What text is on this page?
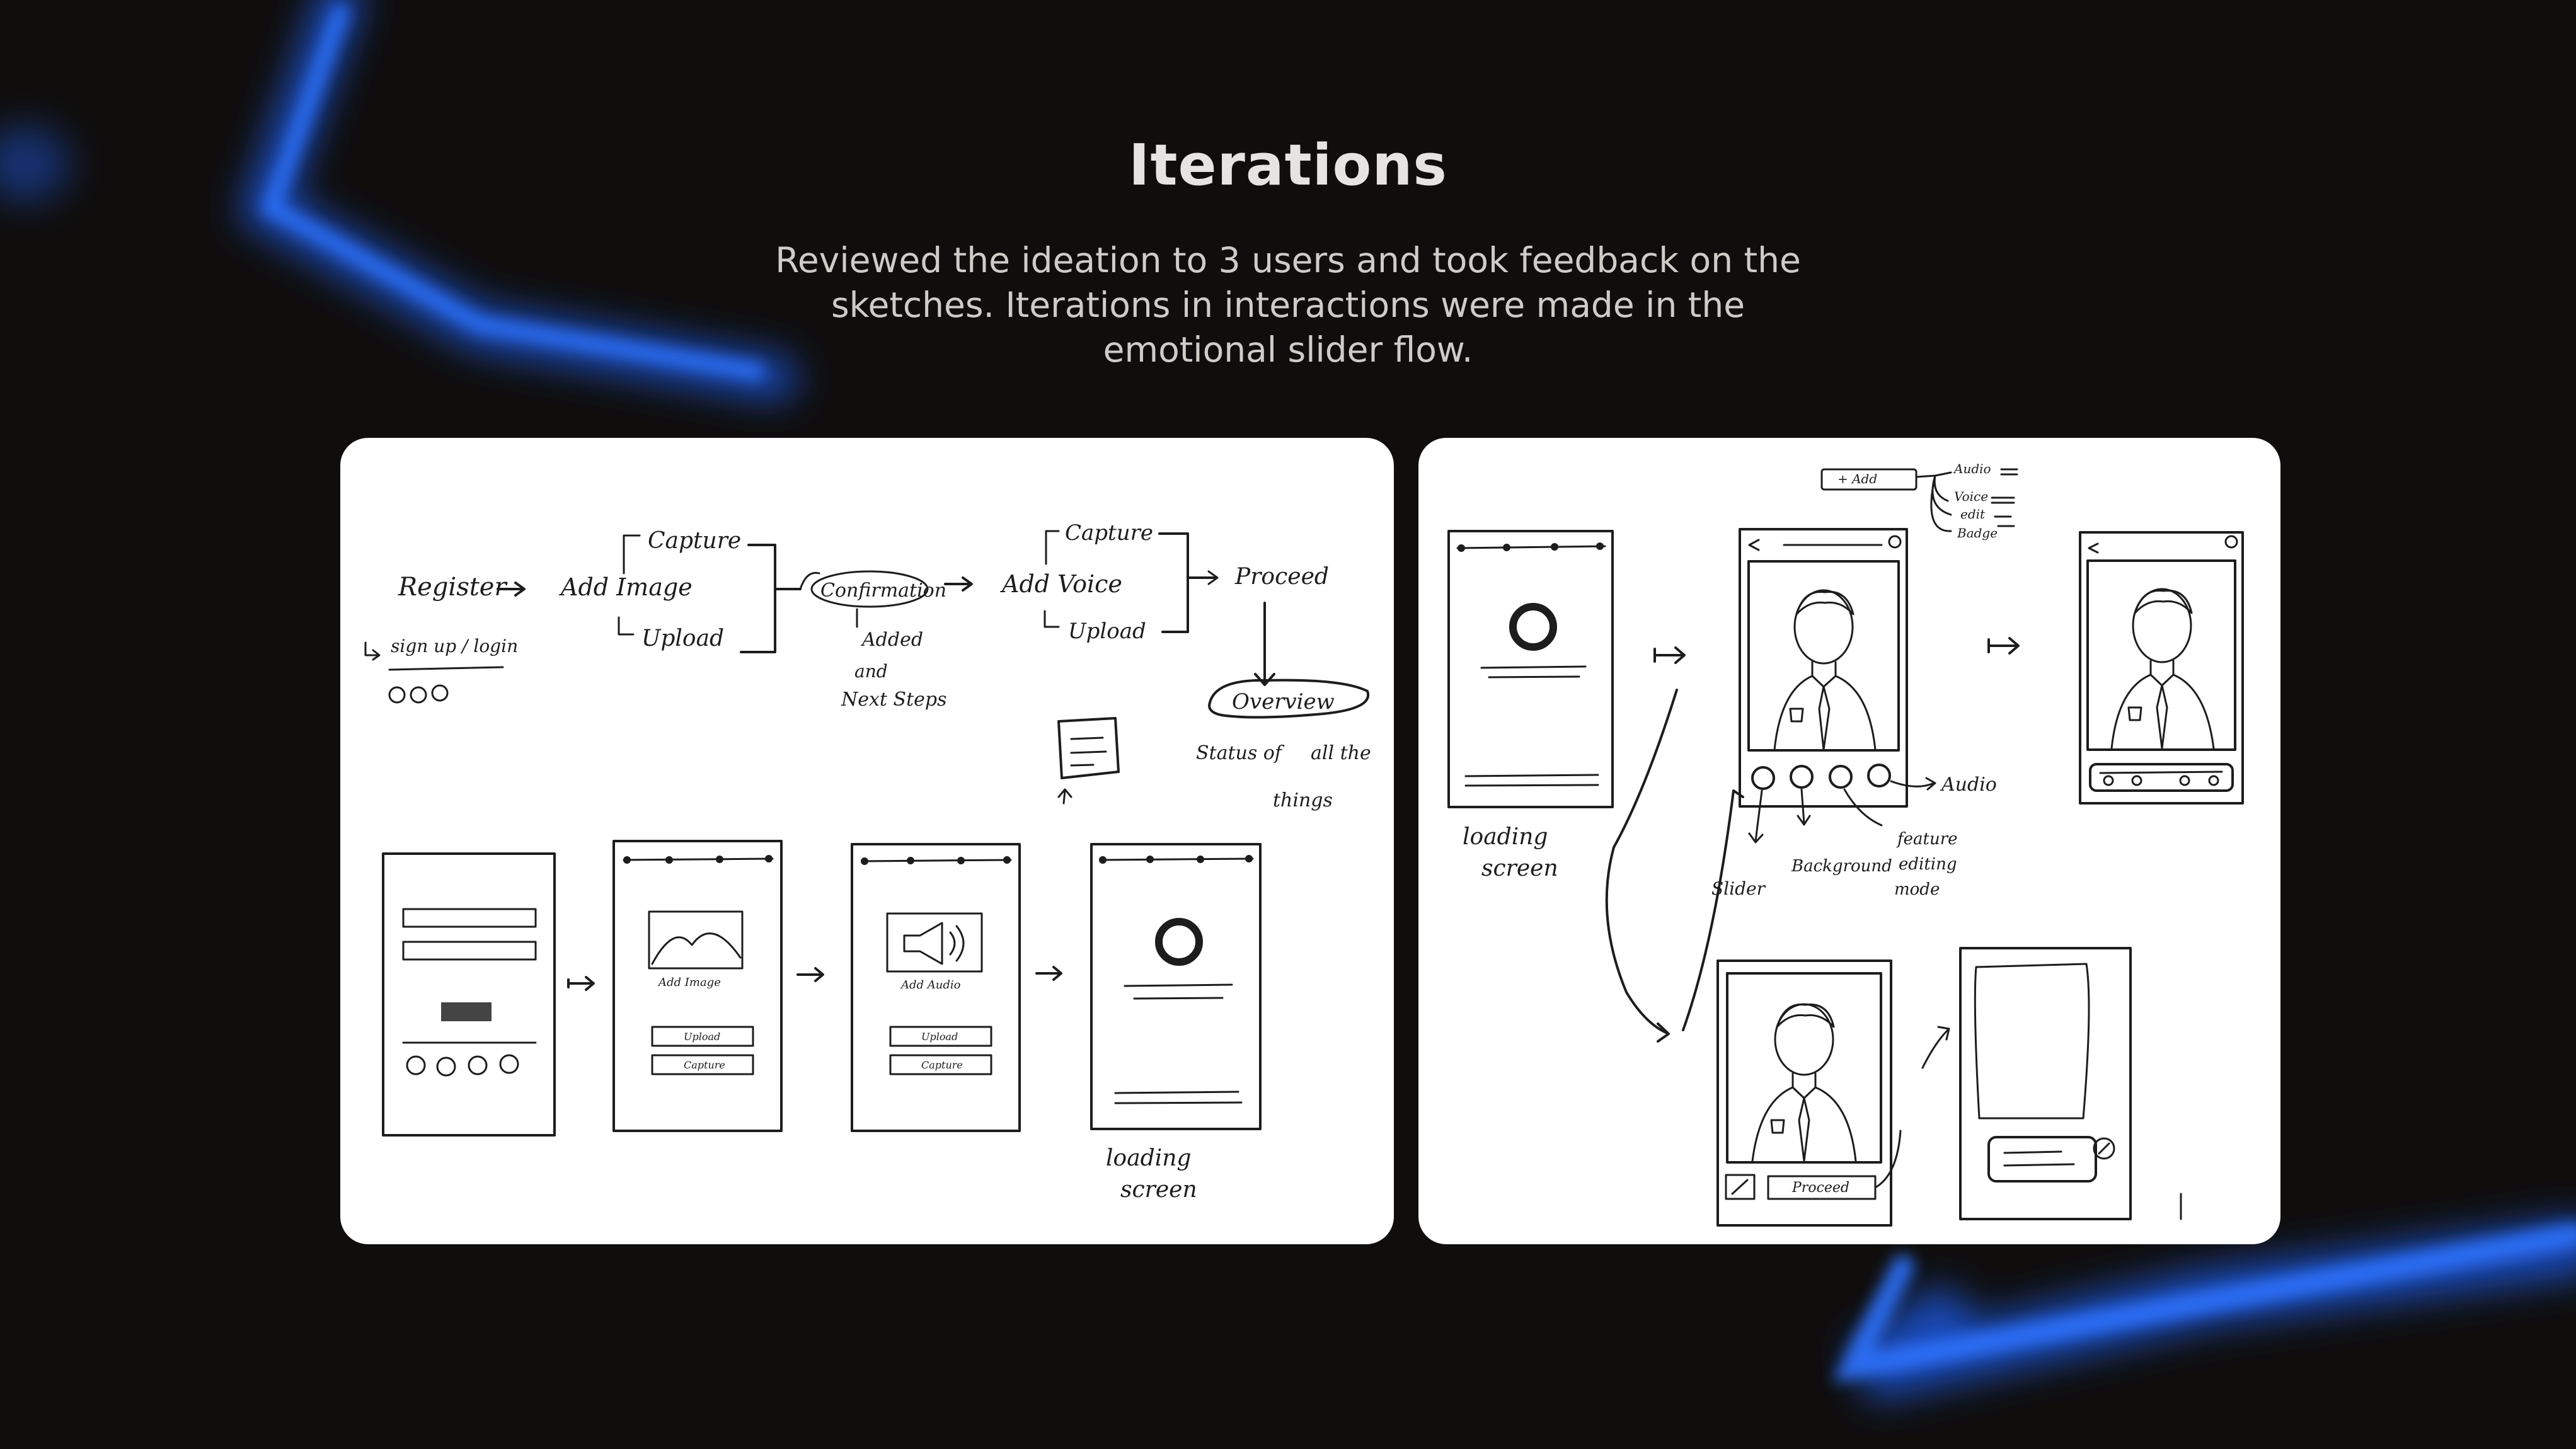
Iterations

Reviewed the ideation to 3 users and took feedback on the sketches. Iterations in interactions were made in the emotional slider flow.

Register
sign up / login
Add Image
Capture
Upload
Confirmation
Added
and
Next Steps
Add Voice
Capture
Upload
Proceed
Overview
Status of all the
things
Add Image
Upload
Capture
Add Audio
Upload
Capture
loading
screen
loading
screen
Audio
Slider
Background
feature
editing
mode
+ Add
Audio
Voice
edit
Badge
Proceed
